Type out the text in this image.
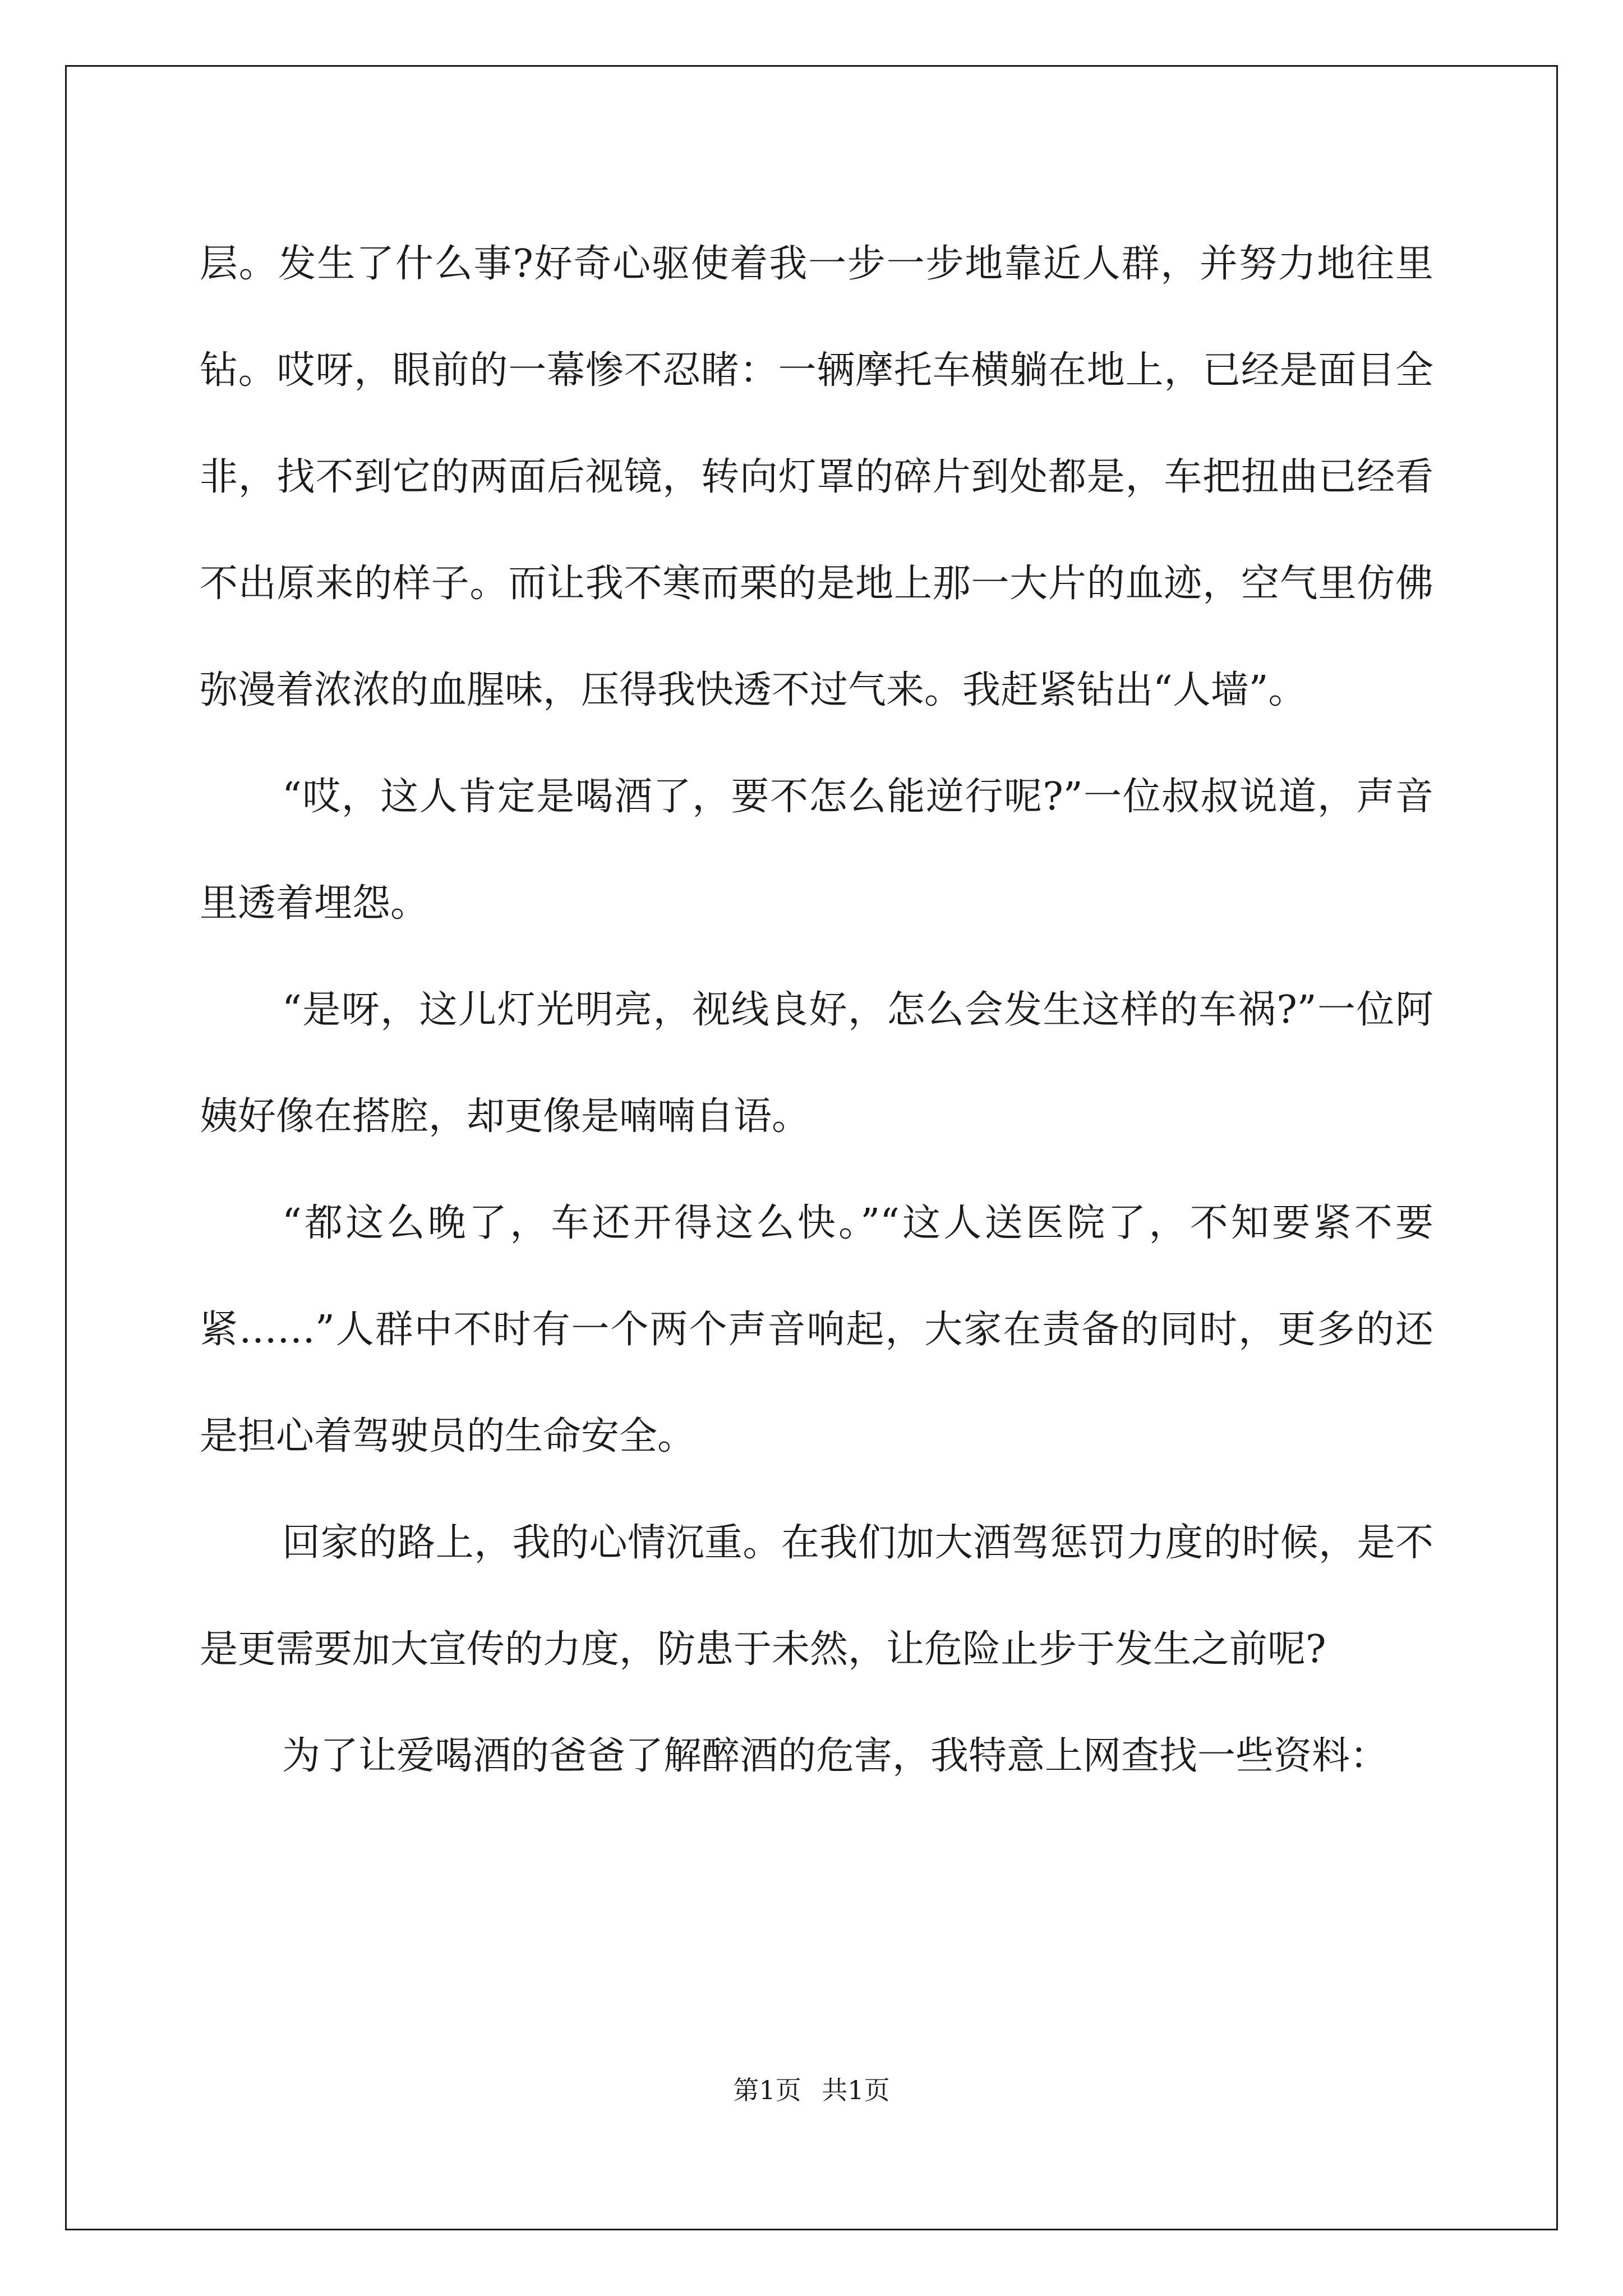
层。发生了什么事?好奇心驱使着我一步一步地靠近人群，并努力地往里钻。哎呀，眼前的一幕惨不忍睹：一辆摩托车横躺在地上，已经是面目全非，找不到它的两面后视镜，转向灯罩的碎片到处都是，车把扭曲已经看不出原来的样子。而让我不寒而栗的是地上那一大片的血迹，空气里仿佛弥漫着浓浓的血腥味，压得我快透不过气来。我赶紧钻出“人墙”。

“哎，这人肯定是喝酒了，要不怎么能逆行呢?”一位叔叔说道，声音里透着埋怨。

“是呀，这儿灯光明亮，视线良好，怎么会发生这样的车祸?”一位阿姨好像在搭腔，却更像是喃喃自语。

“都这么晚了，车还开得这么快。”“这人送医院了，不知要紧不要紧……”人群中不时有一个两个声音响起，大家在责备的同时，更多的还是担心着驾驶员的生命安全。

回家的路上，我的心情沉重。在我们加大酒驾惩罚力度的时候，是不是更需要加大宣传的力度，防患于未然，让危险止步于发生之前呢?

为了让爱喝酒的爸爸了解醉酒的危害，我特意上网查找一些资料：

第1页 共1页
